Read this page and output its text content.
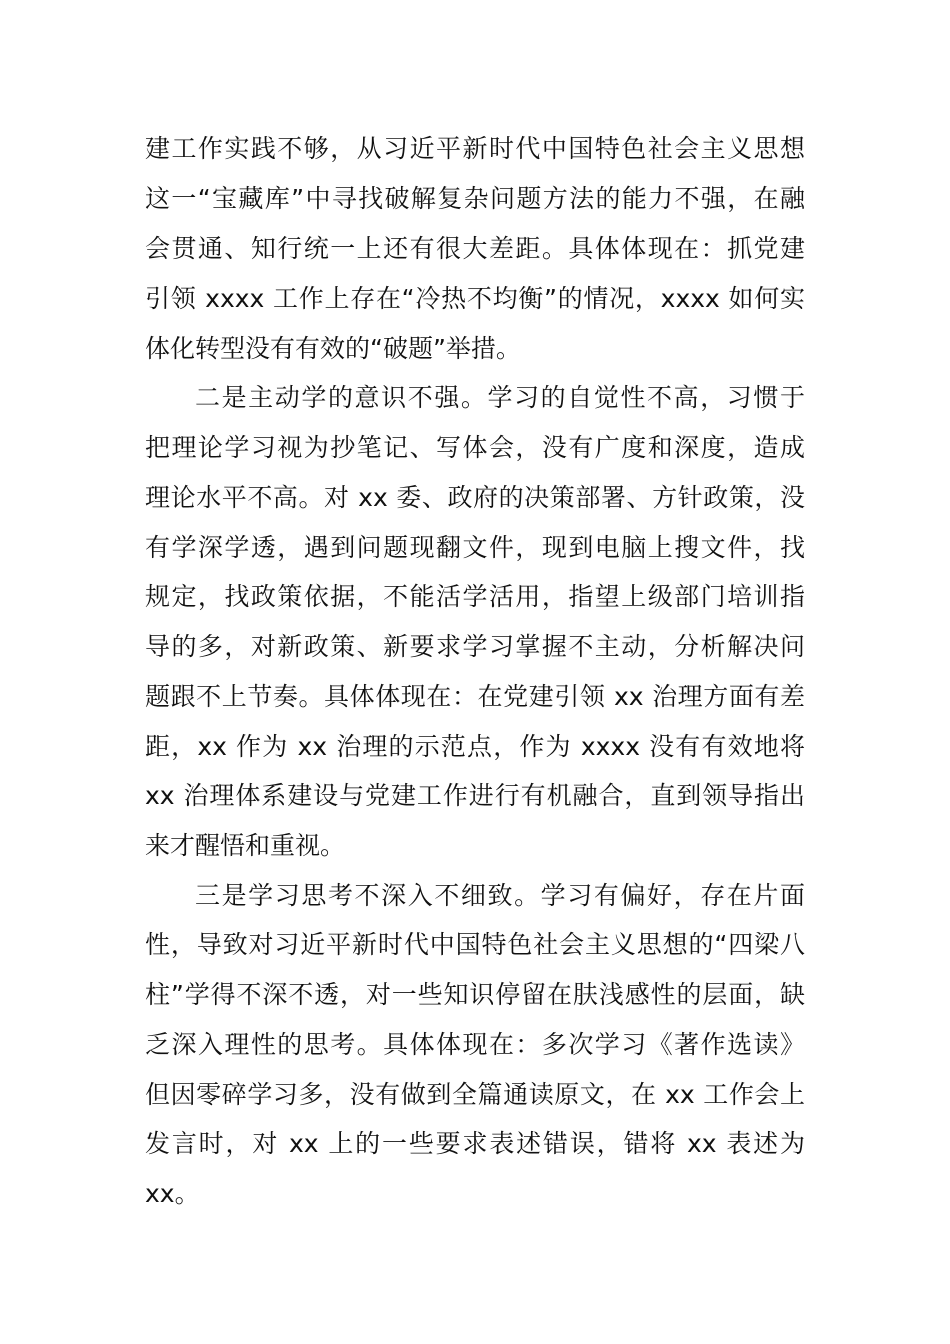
建工作实践不够，从习近平新时代中国特色社会主义思想
这一“宝藏库”中寻找破解复杂问题方法的能力不强，在融
会贯通、知行统一上还有很大差距。具体体现在：抓党建
引领 xxxx 工作上存在“冷热不均衡”的情况，xxxx 如何实
体化转型没有有效的“破题”举措。
二是主动学的意识不强。学习的自觉性不高，习惯于
把理论学习视为抄笔记、写体会，没有广度和深度，造成
理论水平不高。对 xx 委、政府的决策部署、方针政策，没
有学深学透，遇到问题现翻文件，现到电脑上搜文件，找
规定，找政策依据，不能活学活用，指望上级部门培训指
导的多，对新政策、新要求学习掌握不主动，分析解决问
题跟不上节奏。具体体现在：在党建引领 xx 治理方面有差
距，xx 作为 xx 治理的示范点，作为 xxxx 没有有效地将
xx 治理体系建设与党建工作进行有机融合，直到领导指出
来才醒悟和重视。
三是学习思考不深入不细致。学习有偏好，存在片面
性，导致对习近平新时代中国特色社会主义思想的“四梁八
柱”学得不深不透，对一些知识停留在肤浅感性的层面，缺
乏深入理性的思考。具体体现在：多次学习《著作选读》
但因零碎学习多，没有做到全篇通读原文，在 xx 工作会上
发言时，对 xx 上的一些要求表述错误，错将 xx 表述为
xx。
